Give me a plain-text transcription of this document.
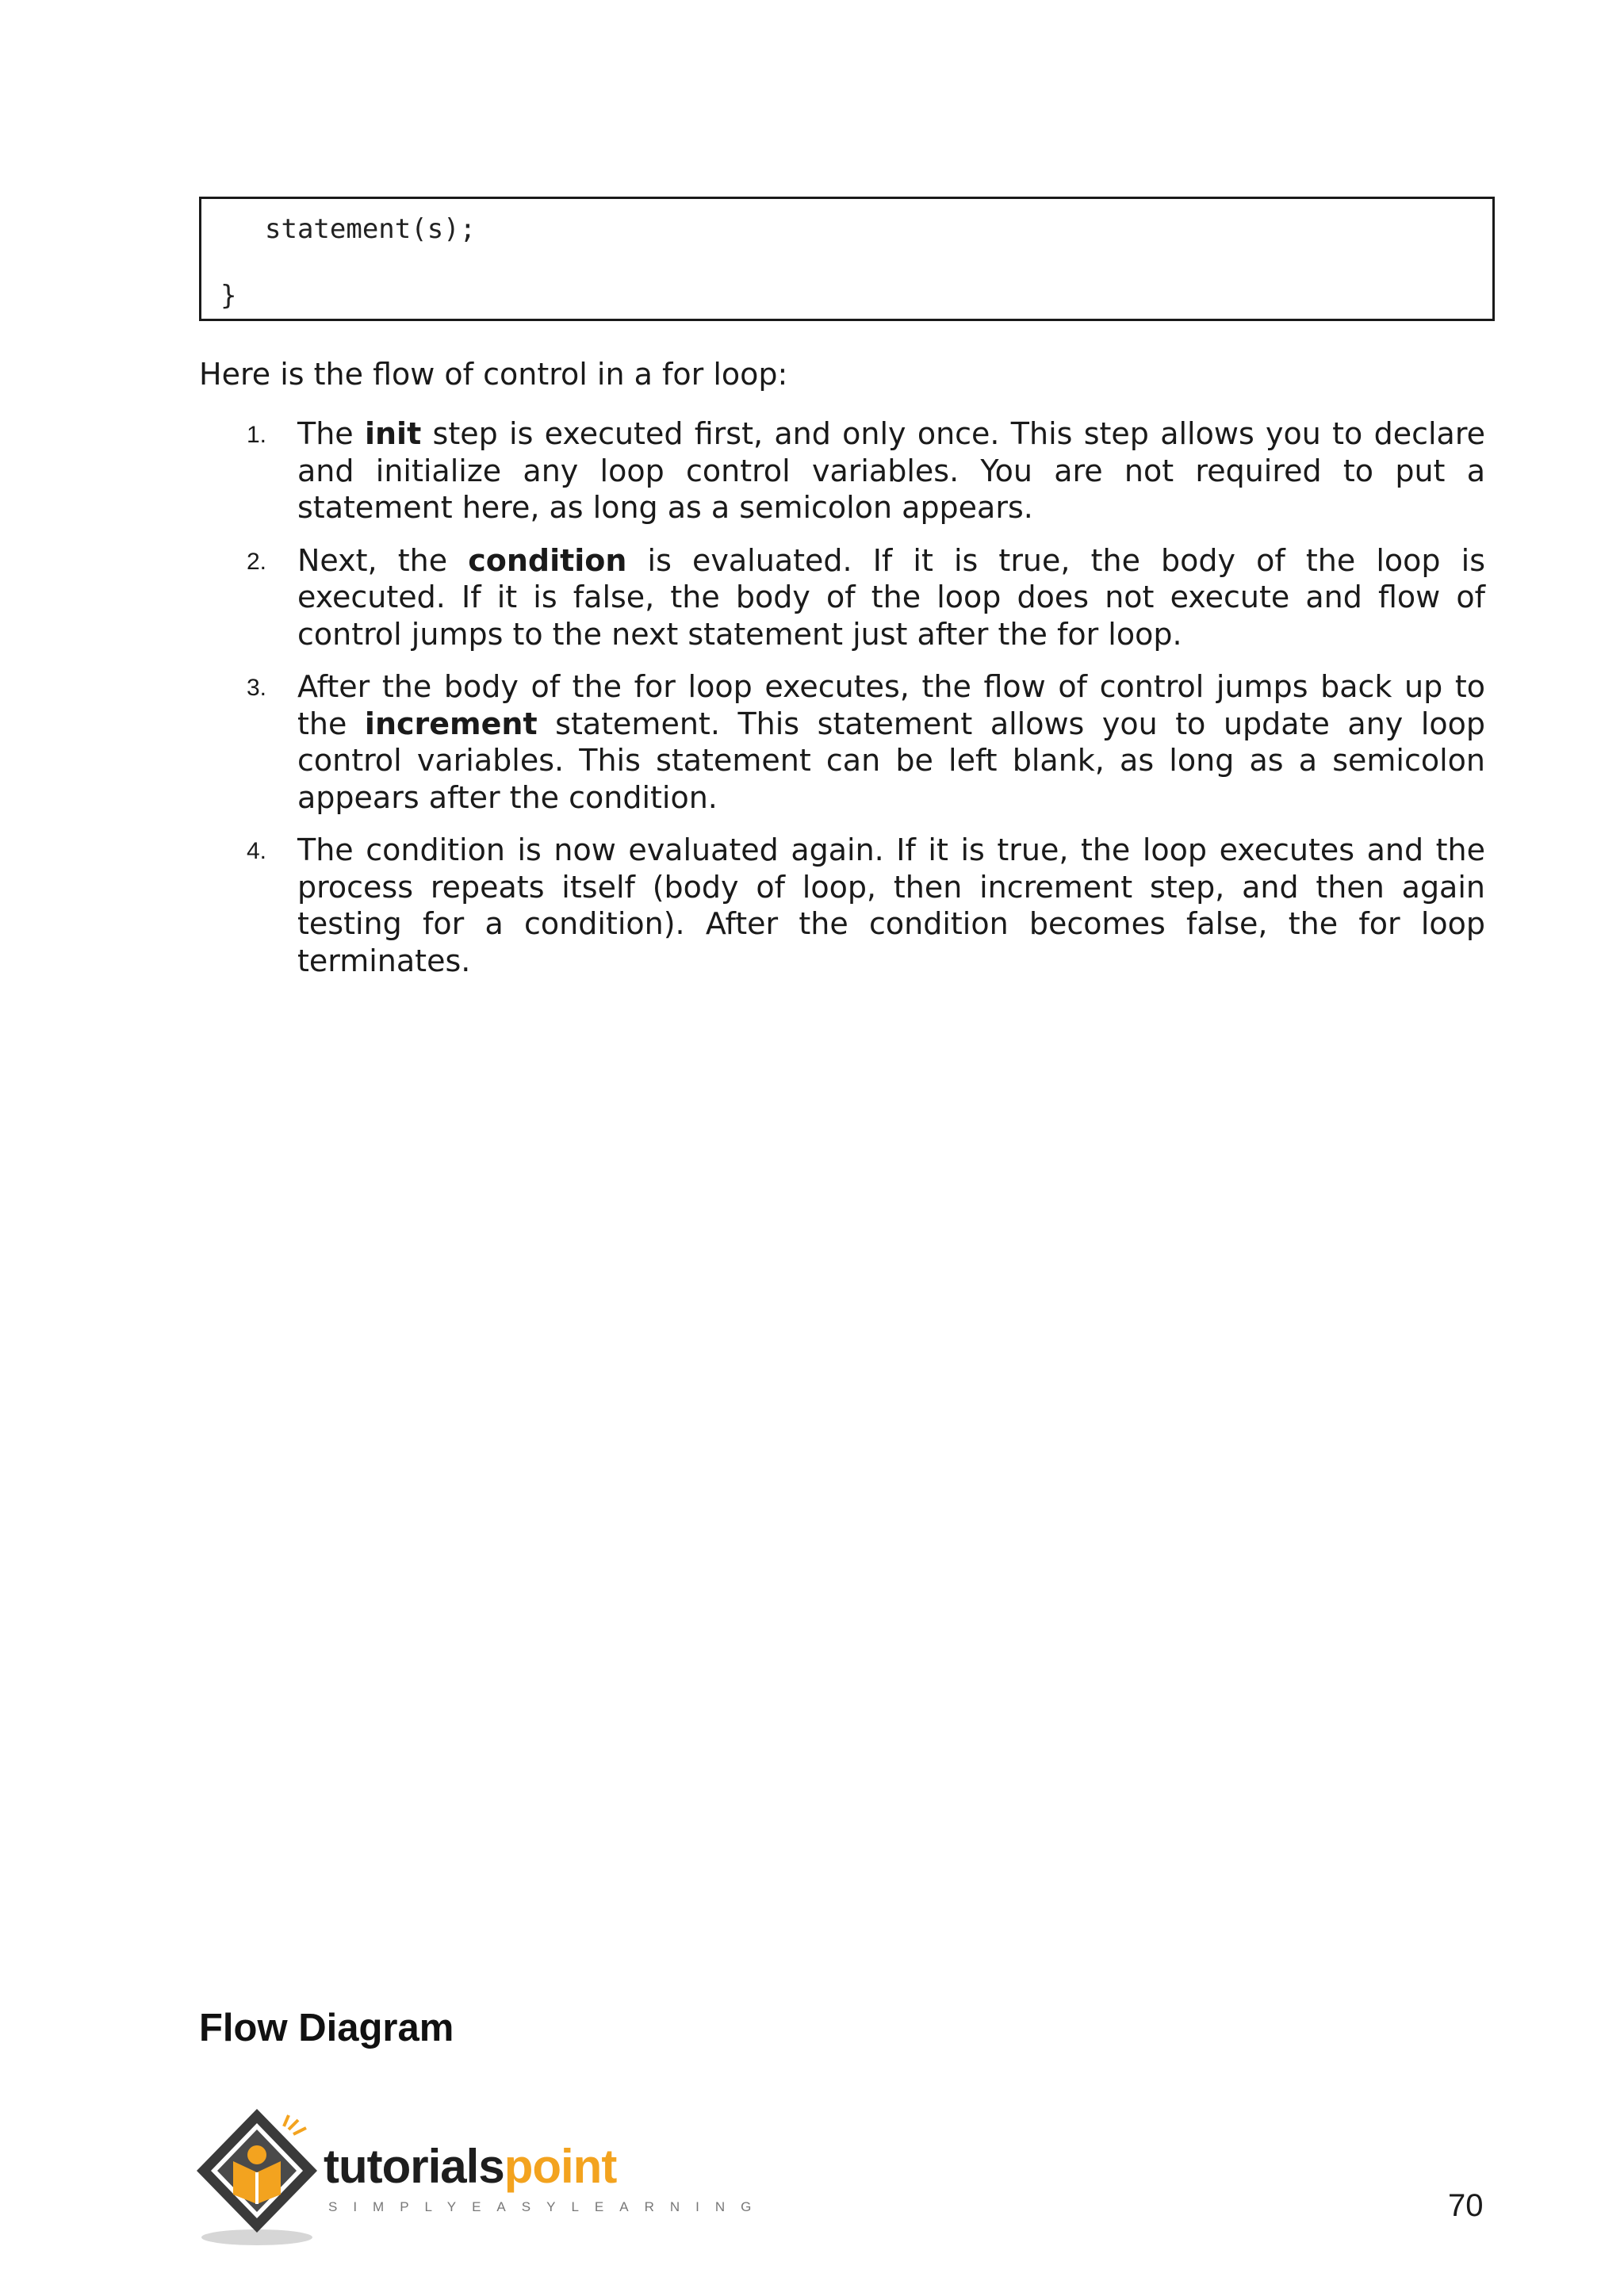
statement(s);
}
Here is the flow of control in a for loop:
1. The init step is executed first, and only once. This step allows you to declare and initialize any loop control variables. You are not required to put a statement here, as long as a semicolon appears.
2. Next, the condition is evaluated. If it is true, the body of the loop is executed. If it is false, the body of the loop does not execute and flow of control jumps to the next statement just after the for loop.
3. After the body of the for loop executes, the flow of control jumps back up to the increment statement. This statement allows you to update any loop control variables. This statement can be left blank, as long as a semicolon appears after the condition.
4. The condition is now evaluated again. If it is true, the loop executes and the process repeats itself (body of loop, then increment step, and then again testing for a condition). After the condition becomes false, the for loop terminates.
Flow Diagram
tutorialspoint
SIMPLYEASYLEARNING	70
